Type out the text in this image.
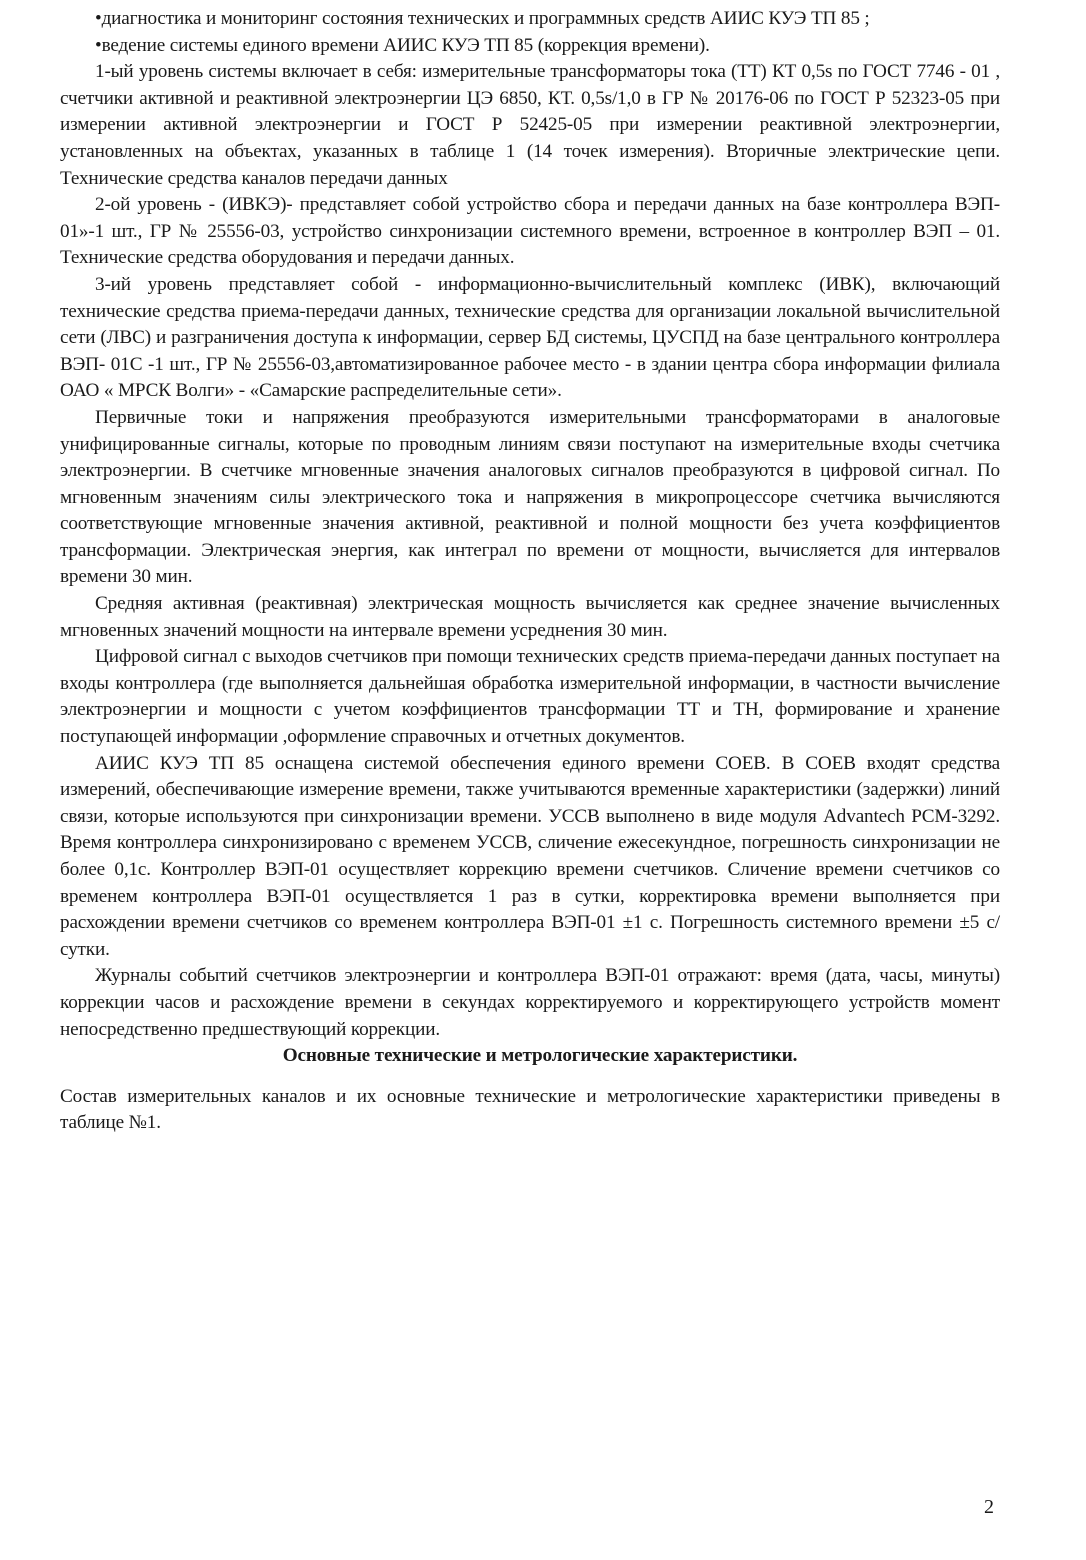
•диагностика и мониторинг состояния технических и программных средств АИИС КУЭ ТП 85 ;

•ведение системы единого времени АИИС КУЭ ТП 85 (коррекция времени).

1-ый уровень системы включает в себя: измерительные трансформаторы тока (ТТ) КТ 0,5s по ГОСТ 7746 - 01 , счетчики активной и реактивной электроэнергии ЦЭ 6850, КТ. 0,5s/1,0 в ГР № 20176-06 по ГОСТ Р 52323-05 при измерении активной электроэнергии и ГОСТ Р 52425-05 при измерении реактивной электроэнергии, установленных на объектах, указанных в таблице 1 (14 точек измерения). Вторичные электрические цепи. Технические средства каналов передачи данных

2-ой уровень - (ИВКЭ)- представляет собой устройство сбора и передачи данных на базе контроллера ВЭП- 01»-1 шт., ГР № 25556-03, устройство синхронизации системного времени, встроенное в контроллер ВЭП – 01. Технические средства оборудования и передачи данных.

3-ий уровень представляет собой - информационно-вычислительный комплекс (ИВК), включающий технические средства приема-передачи данных, технические средства для организации локальной вычислительной сети (ЛВС) и разграничения доступа к информации, сервер БД системы, ЦУСПД на базе центрального контроллера ВЭП- 01С -1 шт., ГР № 25556-03,автоматизированное рабочее место - в здании центра сбора информации филиала ОАО « МРСК Волги» - «Самарские распределительные сети».

Первичные токи и напряжения преобразуются измерительными трансформаторами в аналоговые унифицированные сигналы, которые по проводным линиям связи поступают на измерительные входы счетчика электроэнергии. В счетчике мгновенные значения аналоговых сигналов преобразуются в цифровой сигнал. По мгновенным значениям силы электрического тока и напряжения в микропроцессоре счетчика вычисляются соответствующие мгновенные значения активной, реактивной и полной мощности без учета коэффициентов трансформации. Электрическая энергия, как интеграл по времени от мощности, вычисляется для интервалов времени 30 мин.

Средняя активная (реактивная) электрическая мощность вычисляется как среднее значение вычисленных мгновенных значений мощности на интервале времени усреднения 30 мин.

Цифровой сигнал с выходов счетчиков при помощи технических средств приема-передачи данных поступает на входы контроллера (где выполняется дальнейшая обработка измерительной информации, в частности вычисление электроэнергии и мощности с учетом коэффициентов трансформации ТТ и ТН, формирование и хранение поступающей информации ,оформление справочных и отчетных документов.

АИИС КУЭ ТП 85 оснащена системой обеспечения единого времени СОЕВ. В СОЕВ входят средства измерений, обеспечивающие измерение времени, также учитываются временные характеристики (задержки) линий связи, которые используются при синхронизации времени. УССВ выполнено в виде модуля Advantech PCM-3292. Время контроллера синхронизировано с временем УССВ, сличение ежесекундное, погрешность синхронизации не более 0,1с. Контроллер ВЭП-01 осуществляет коррекцию времени счетчиков. Сличение времени счетчиков со временем контроллера ВЭП-01 осуществляется 1 раз в сутки, корректировка времени выполняется при расхождении времени счетчиков со временем контроллера ВЭП-01 ±1 с. Погрешность системного времени ±5 с/сутки.

Журналы событий счетчиков электроэнергии и контроллера ВЭП-01 отражают: время (дата, часы, минуты) коррекции часов и расхождение времени в секундах корректируемого и корректирующего устройств момент непосредственно предшествующий коррекции.

Основные технические и метрологические характеристики.

Состав измерительных каналов и их основные технические и метрологические характеристики приведены в таблице №1.

2
